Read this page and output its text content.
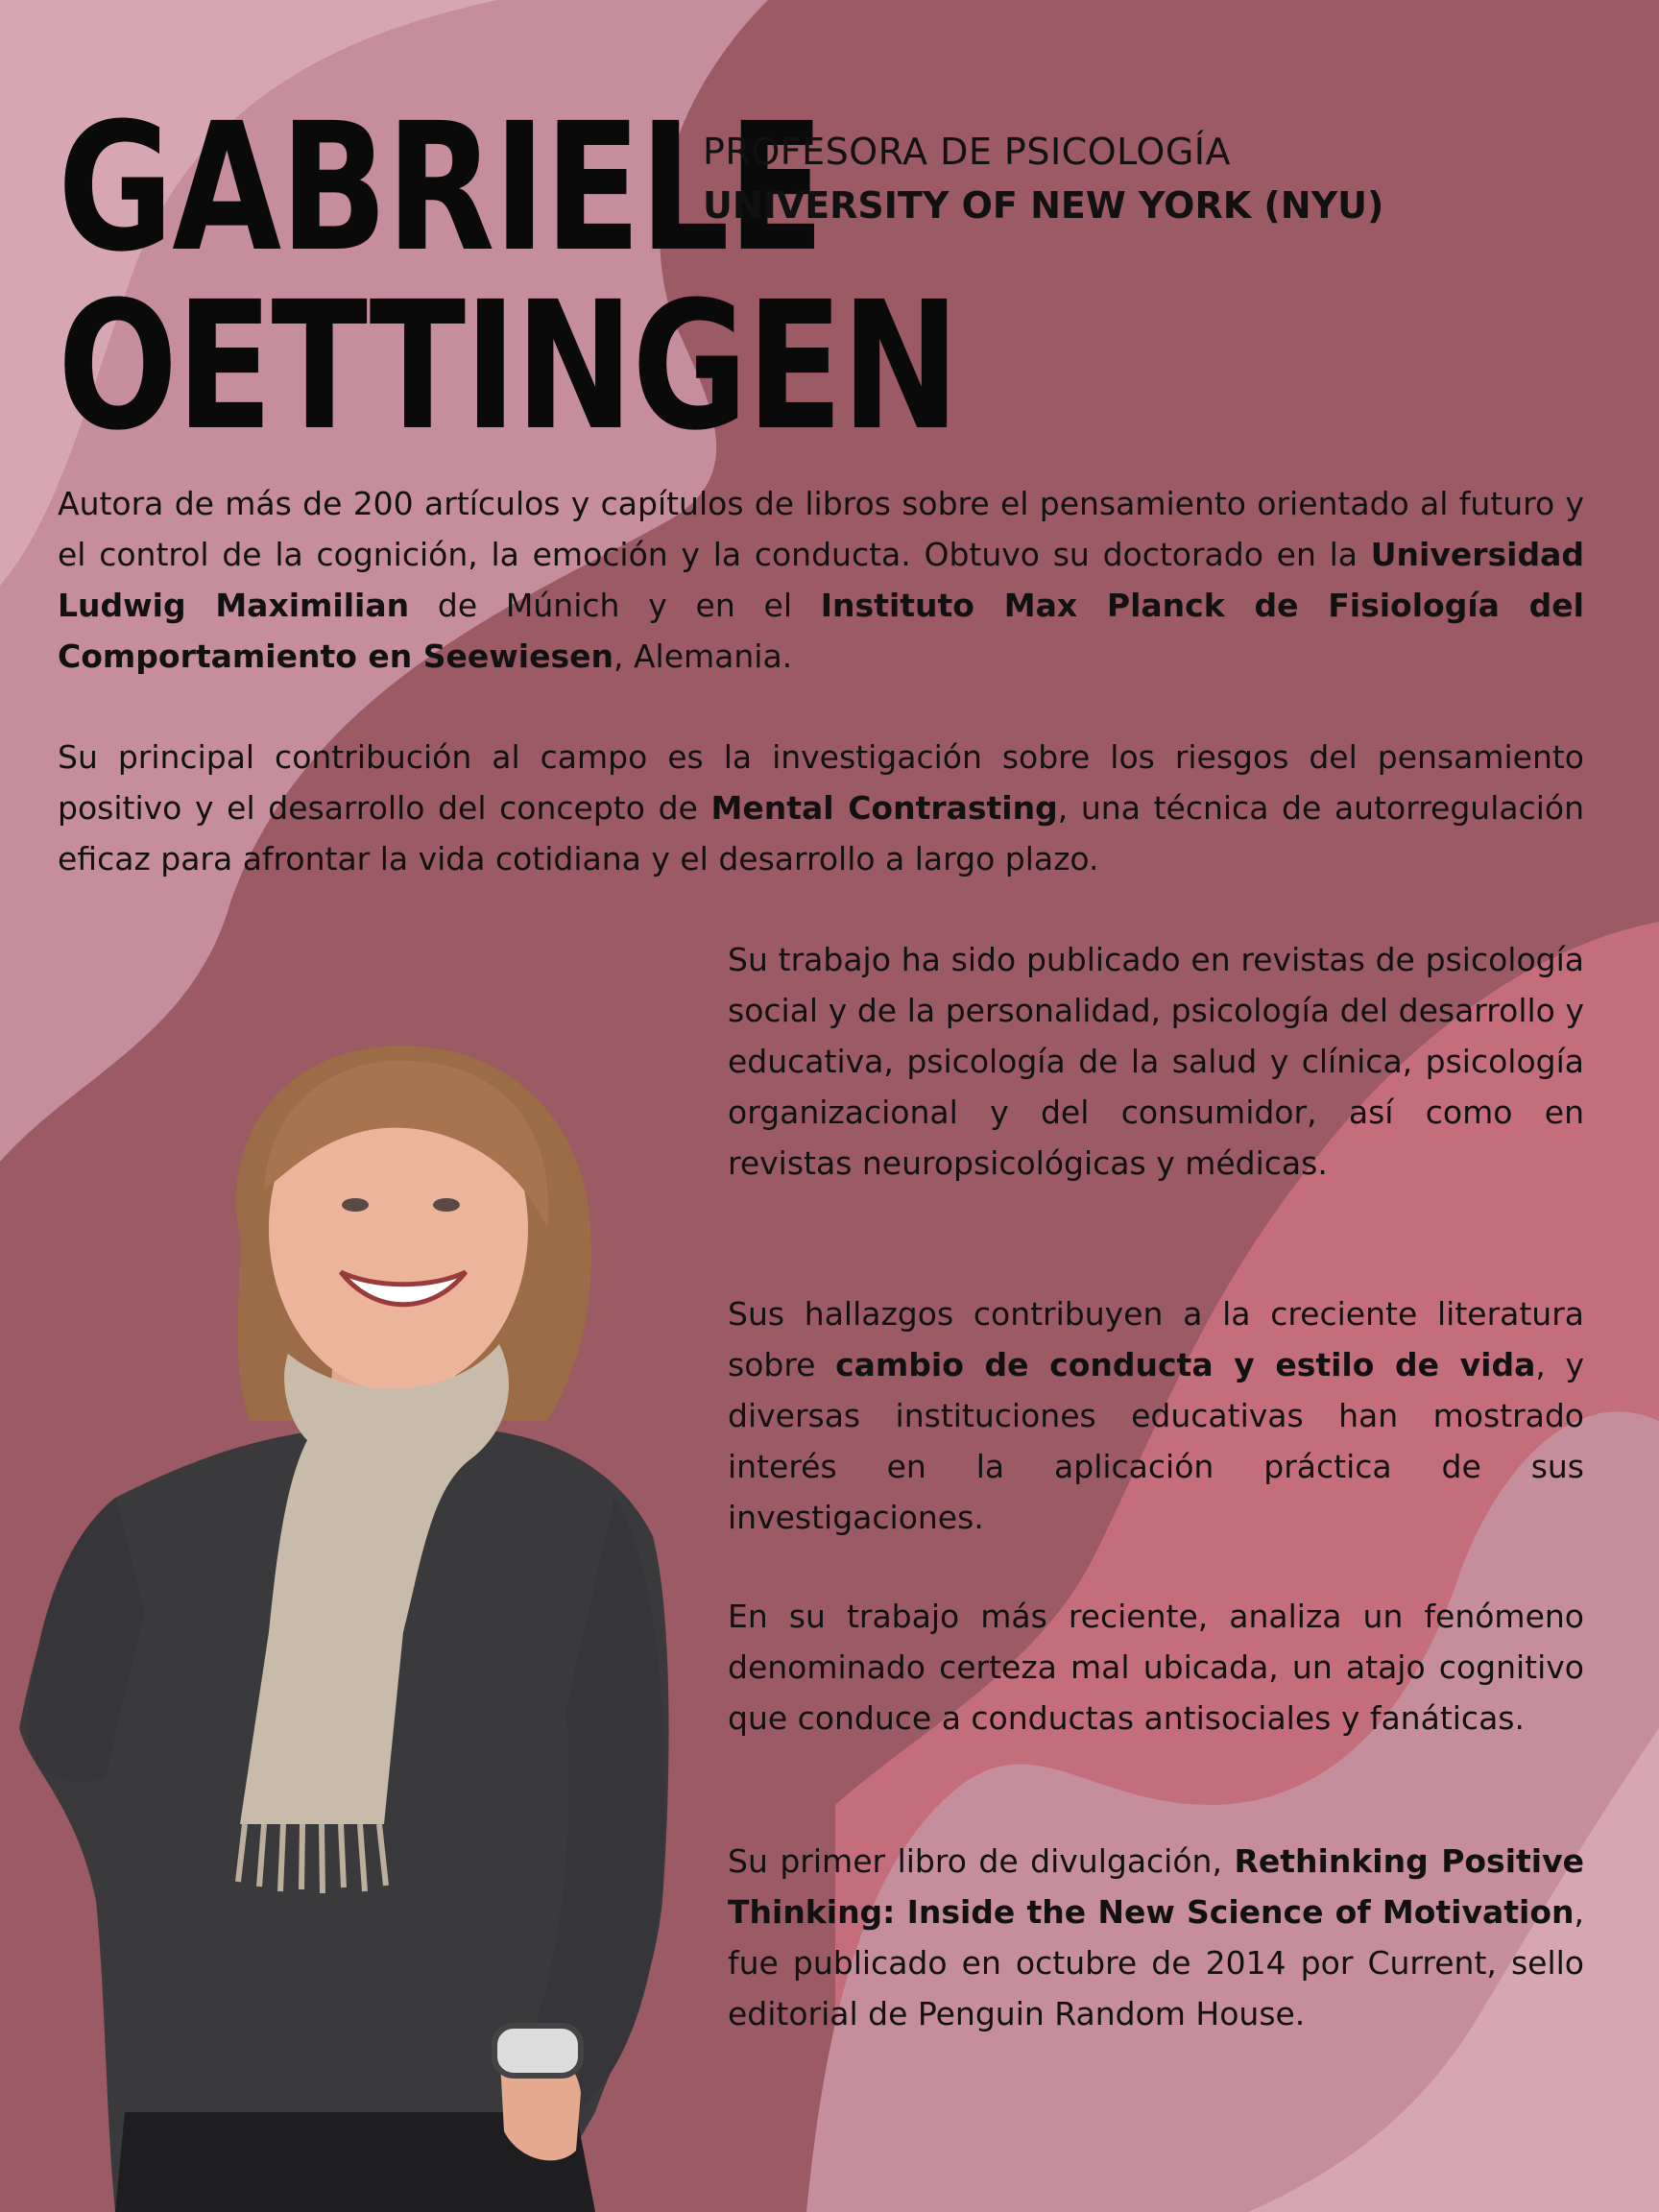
GABRIELE
OETTINGEN
PROFESORA DE PSICOLOGÍA
UNIVERSITY OF NEW YORK (NYU)

Autora de más de 200 artículos y capítulos de libros sobre el pensamiento orientado al futuro y el control de la cognición, la emoción y la conducta. Obtuvo su doctorado en la Universidad Ludwig Maximilian de Múnich y en el Instituto Max Planck de Fisiología del Comportamiento en Seewiesen, Alemania.

Su principal contribución al campo es la investigación sobre los riesgos del pensamiento positivo y el desarrollo del concepto de Mental Contrasting, una técnica de autorregulación eficaz para afrontar la vida cotidiana y el desarrollo a largo plazo.

Su trabajo ha sido publicado en revistas de psicología social y de la personalidad, psicología del desarrollo y educativa, psicología de la salud y clínica, psicología organizacional y del consumidor, así como en revistas neuropsicológicas y médicas.

Sus hallazgos contribuyen a la creciente literatura sobre cambio de conducta y estilo de vida, y diversas instituciones educativas han mostrado interés en la aplicación práctica de sus investigaciones.

En su trabajo más reciente, analiza un fenómeno denominado certeza mal ubicada, un atajo cognitivo que conduce a conductas antisociales y fanáticas.

Su primer libro de divulgación, Rethinking Positive Thinking: Inside the New Science of Motivation, fue publicado en octubre de 2014 por Current, sello editorial de Penguin Random House.
